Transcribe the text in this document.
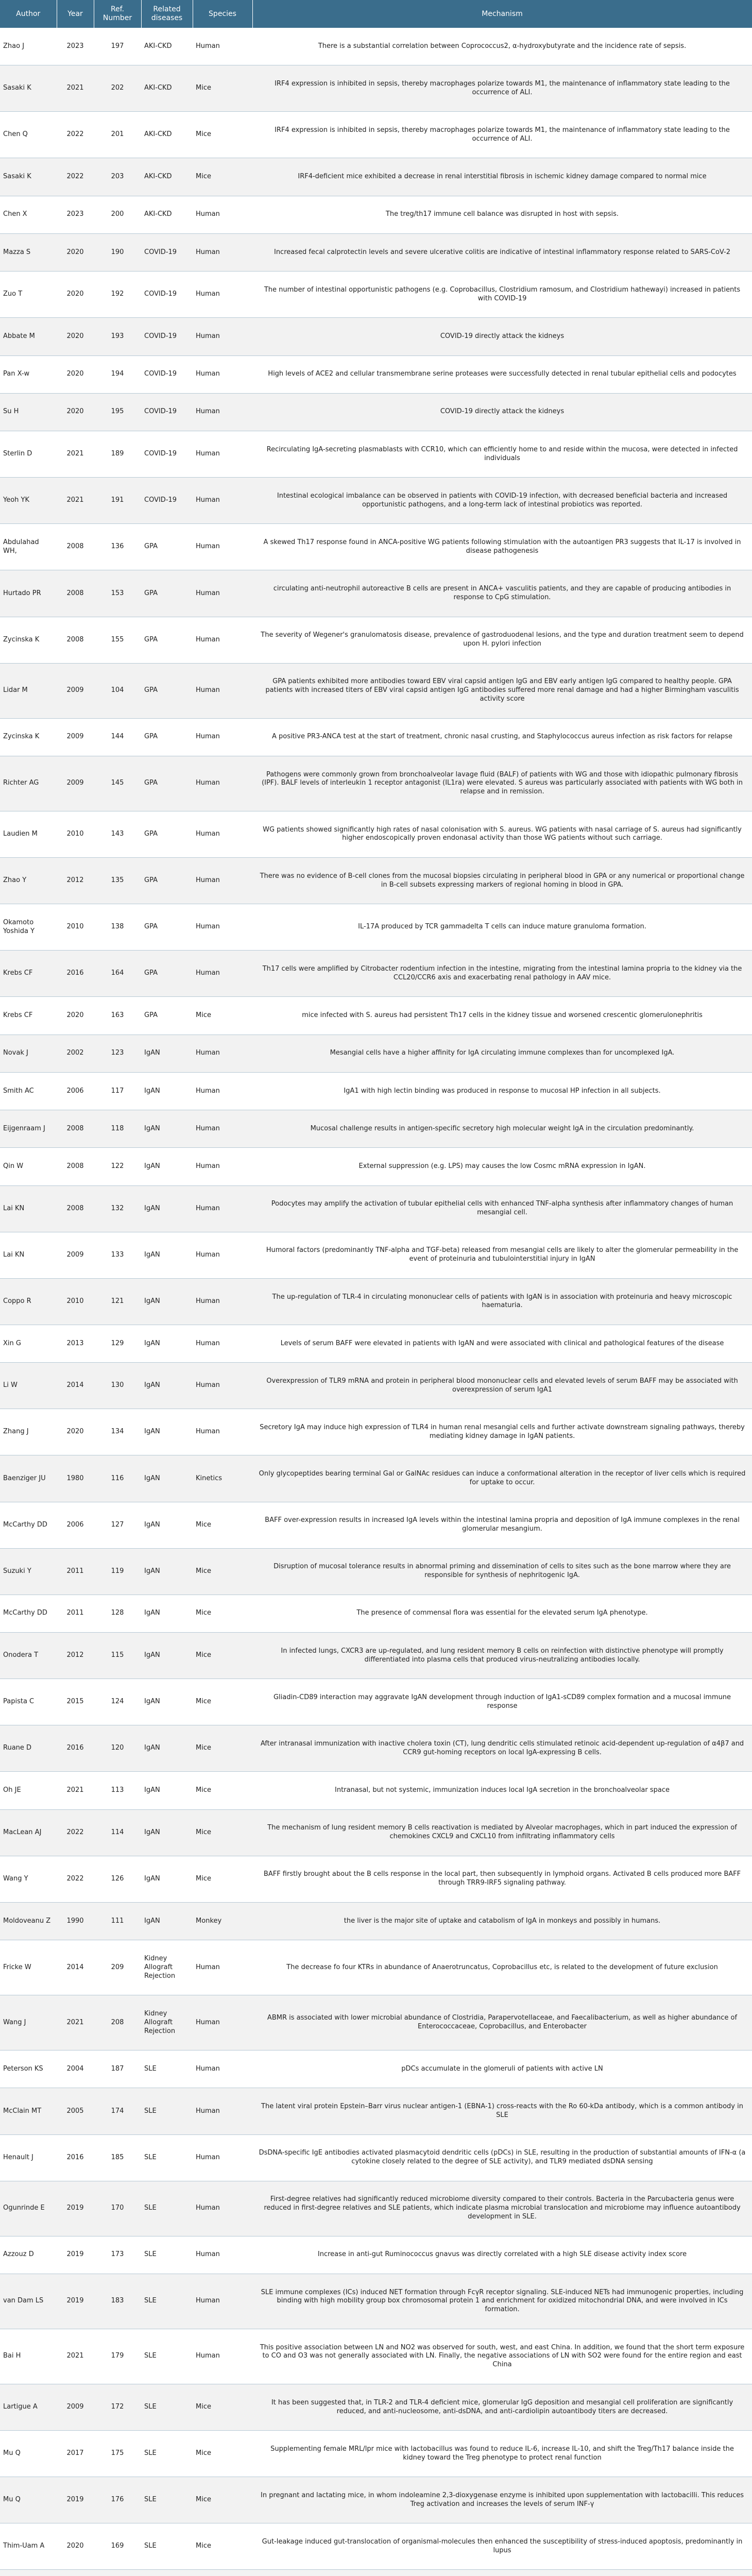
Author	Year	Ref. Number	Related diseases	Species	Mechanism
Zhao J	2023	197	AKI-CKD	Human	There is a substantial correlation between Coprococcus2, α-hydroxybutyrate and the incidence rate of sepsis.
Sasaki K	2021	202	AKI-CKD	Mice	IRF4 expression is inhibited in sepsis, thereby macrophages polarize towards M1, the maintenance of inflammatory state leading to the occurrence of ALI.
Chen Q	2022	201	AKI-CKD	Mice	IRF4 expression is inhibited in sepsis, thereby macrophages polarize towards M1, the maintenance of inflammatory state leading to the occurrence of ALI.
Sasaki K	2022	203	AKI-CKD	Mice	IRF4-deficient mice exhibited a decrease in renal interstitial fibrosis in ischemic kidney damage compared to normal mice
Chen X	2023	200	AKI-CKD	Human	The treg/th17 immune cell balance was disrupted in host with sepsis.
Mazza S	2020	190	COVID-19	Human	Increased fecal calprotectin levels and severe ulcerative colitis are indicative of intestinal inflammatory response related to SARS-CoV-2
Zuo T	2020	192	COVID-19	Human	The number of intestinal opportunistic pathogens (e.g. Coprobacillus, Clostridium ramosum, and Clostridium hathewayi) increased in patients with COVID-19
Abbate M	2020	193	COVID-19	Human	COVID-19 directly attack the kidneys
Pan X-w	2020	194	COVID-19	Human	High levels of ACE2 and cellular transmembrane serine proteases were successfully detected in renal tubular epithelial cells and podocytes
Su H	2020	195	COVID-19	Human	COVID-19 directly attack the kidneys
Sterlin D	2021	189	COVID-19	Human	Recirculating IgA-secreting plasmablasts with CCR10, which can efficiently home to and reside within the mucosa, were detected in infected individuals
Yeoh YK	2021	191	COVID-19	Human	Intestinal ecological imbalance can be observed in patients with COVID-19 infection, with decreased beneficial bacteria and increased opportunistic pathogens, and a long-term lack of intestinal probiotics was reported.
Abdulahad WH,	2008	136	GPA	Human	A skewed Th17 response found in ANCA-positive WG patients following stimulation with the autoantigen PR3 suggests that IL-17 is involved in disease pathogenesis
Hurtado PR	2008	153	GPA	Human	circulating anti-neutrophil autoreactive B cells are present in ANCA+ vasculitis patients, and they are capable of producing antibodies in response to CpG stimulation.
Zycinska K	2008	155	GPA	Human	The severity of Wegener's granulomatosis disease, prevalence of gastroduodenal lesions, and the type and duration treatment seem to depend upon H. pylori infection
Lidar M	2009	104	GPA	Human	GPA patients exhibited more antibodies toward EBV viral capsid antigen IgG and EBV early antigen IgG compared to healthy people. GPA patients with increased titers of EBV viral capsid antigen IgG antibodies suffered more renal damage and had a higher Birmingham vasculitis activity score
Zycinska K	2009	144	GPA	Human	A positive PR3-ANCA test at the start of treatment, chronic nasal crusting, and Staphylococcus aureus infection as risk factors for relapse
Richter AG	2009	145	GPA	Human	Pathogens were commonly grown from bronchoalveolar lavage fluid (BALF) of patients with WG and those with idiopathic pulmonary fibrosis (IPF). BALF levels of interleukin 1 receptor antagonist (IL1ra) were elevated. S aureus was particularly associated with patients with WG both in relapse and in remission.
Laudien M	2010	143	GPA	Human	WG patients showed significantly high rates of nasal colonisation with S. aureus. WG patients with nasal carriage of S. aureus had significantly higher endoscopically proven endonasal activity than those WG patients without such carriage.
Zhao Y	2012	135	GPA	Human	There was no evidence of B-cell clones from the mucosal biopsies circulating in peripheral blood in GPA or any numerical or proportional change in B-cell subsets expressing markers of regional homing in blood in GPA.
Okamoto Yoshida Y	2010	138	GPA	Human	IL-17A produced by TCR gammadelta T cells can induce mature granuloma formation.
Krebs CF	2016	164	GPA	Human	Th17 cells were amplified by Citrobacter rodentium infection in the intestine, migrating from the intestinal lamina propria to the kidney via the CCL20/CCR6 axis and exacerbating renal pathology in AAV mice.
Krebs CF	2020	163	GPA	Mice	mice infected with S. aureus had persistent Th17 cells in the kidney tissue and worsened crescentic glomerulonephritis
Novak J	2002	123	IgAN	Human	Mesangial cells have a higher affinity for IgA circulating immune complexes than for uncomplexed IgA.
Smith AC	2006	117	IgAN	Human	IgA1 with high lectin binding was produced in response to mucosal HP infection in all subjects.
Eijgenraam J	2008	118	IgAN	Human	Mucosal challenge results in antigen-specific secretory high molecular weight IgA in the circulation predominantly.
Qin W	2008	122	IgAN	Human	External suppression (e.g. LPS) may causes the low Cosmc mRNA expression in IgAN.
Lai KN	2008	132	IgAN	Human	Podocytes may amplify the activation of tubular epithelial cells with enhanced TNF-alpha synthesis after inflammatory changes of human mesangial cell.
Lai KN	2009	133	IgAN	Human	Humoral factors (predominantly TNF-alpha and TGF-beta) released from mesangial cells are likely to alter the glomerular permeability in the event of proteinuria and tubulointerstitial injury in IgAN
Coppo R	2010	121	IgAN	Human	The up-regulation of TLR-4 in circulating mononuclear cells of patients with IgAN is in association with proteinuria and heavy microscopic haematuria.
Xin G	2013	129	IgAN	Human	Levels of serum BAFF were elevated in patients with IgAN and were associated with clinical and pathological features of the disease
Li W	2014	130	IgAN	Human	Overexpression of TLR9 mRNA and protein in peripheral blood mononuclear cells and elevated levels of serum BAFF may be associated with overexpression of serum IgA1
Zhang J	2020	134	IgAN	Human	Secretory IgA may induce high expression of TLR4 in human renal mesangial cells and further activate downstream signaling pathways, thereby mediating kidney damage in IgAN patients.
Baenziger JU	1980	116	IgAN	Kinetics	Only glycopeptides bearing terminal Gal or GalNAc residues can induce a conformational alteration in the receptor of liver cells which is required for uptake to occur.
McCarthy DD	2006	127	IgAN	Mice	BAFF over-expression results in increased IgA levels within the intestinal lamina propria and deposition of IgA immune complexes in the renal glomerular mesangium.
Suzuki Y	2011	119	IgAN	Mice	Disruption of mucosal tolerance results in abnormal priming and dissemination of cells to sites such as the bone marrow where they are responsible for synthesis of nephritogenic IgA.
McCarthy DD	2011	128	IgAN	Mice	The presence of commensal flora was essential for the elevated serum IgA phenotype.
Onodera T	2012	115	IgAN	Mice	In infected lungs, CXCR3 are up-regulated, and lung resident memory B cells on reinfection with distinctive phenotype will promptly differentiated into plasma cells that produced virus-neutralizing antibodies locally.
Papista C	2015	124	IgAN	Mice	Gliadin-CD89 interaction may aggravate IgAN development through induction of IgA1-sCD89 complex formation and a mucosal immune response
Ruane D	2016	120	IgAN	Mice	After intranasal immunization with inactive cholera toxin (CT), lung dendritic cells stimulated retinoic acid-dependent up-regulation of α4β7 and CCR9 gut-homing receptors on local IgA-expressing B cells.
Oh JE	2021	113	IgAN	Mice	Intranasal, but not systemic, immunization induces local IgA secretion in the bronchoalveolar space
MacLean AJ	2022	114	IgAN	Mice	The mechanism of lung resident memory B cells reactivation is mediated by Alveolar macrophages, which in part induced the expression of chemokines CXCL9 and CXCL10 from infiltrating inflammatory cells
Wang Y	2022	126	IgAN	Mice	BAFF firstly brought about the B cells response in the local part, then subsequently in lymphoid organs. Activated B cells produced more BAFF through TRR9-IRF5 signaling pathway.
Moldoveanu Z	1990	111	IgAN	Monkey	the liver is the major site of uptake and catabolism of IgA in monkeys and possibly in humans.
Fricke W	2014	209	Kidney Allograft Rejection	Human	The decrease fo four KTRs in abundance of Anaerotruncatus, Coprobacillus etc, is related to the development of future exclusion
Wang J	2021	208	Kidney Allograft Rejection	Human	ABMR is associated with lower microbial abundance of Clostridia, Parapervotellaceae, and Faecalibacterium, as well as higher abundance of Enterococcaceae, Coprobacillus, and Enterobacter
Peterson KS	2004	187	SLE	Human	pDCs accumulate in the glomeruli of patients with active LN
McClain MT	2005	174	SLE	Human	The latent viral protein Epstein–Barr virus nuclear antigen-1 (EBNA-1) cross-reacts with the Ro 60-kDa antibody, which is a common antibody in SLE
Henault J	2016	185	SLE	Human	DsDNA-specific IgE antibodies activated plasmacytoid dendritic cells (pDCs) in SLE, resulting in the production of substantial amounts of IFN-α (a cytokine closely related to the degree of SLE activity), and TLR9 mediated dsDNA sensing
Ogunrinde E	2019	170	SLE	Human	First-degree relatives had significantly reduced microbiome diversity compared to their controls. Bacteria in the Parcubacteria genus were reduced in first-degree relatives and SLE patients, which indicate plasma microbial translocation and microbiome may influence autoantibody development in SLE.
Azzouz D	2019	173	SLE	Human	Increase in anti-gut Ruminococcus gnavus was directly correlated with a high SLE disease activity index score
van Dam LS	2019	183	SLE	Human	SLE immune complexes (ICs) induced NET formation through FcγR receptor signaling. SLE-induced NETs had immunogenic properties, including binding with high mobility group box chromosomal protein 1 and enrichment for oxidized mitochondrial DNA, and were involved in ICs formation.
Bai H	2021	179	SLE	Human	This positive association between LN and NO2 was observed for south, west, and east China. In addition, we found that the short term exposure to CO and O3 was not generally associated with LN. Finally, the negative associations of LN with SO2 were found for the entire region and east China
Lartigue A	2009	172	SLE	Mice	It has been suggested that, in TLR-2 and TLR-4 deficient mice, glomerular IgG deposition and mesangial cell proliferation are significantly reduced, and anti-nucleosome, anti-dsDNA, and anti-cardiolipin autoantibody titers are decreased.
Mu Q	2017	175	SLE	Mice	Supplementing female MRL/lpr mice with lactobacillus was found to reduce IL-6, increase IL-10, and shift the Treg/Th17 balance inside the kidney toward the Treg phenotype to protect renal function
Mu Q	2019	176	SLE	Mice	In pregnant and lactating mice, in whom indoleamine 2,3-dioxygenase enzyme is inhibited upon supplementation with lactobacilli. This reduces Treg activation and increases the levels of serum INF-γ
Thim-Uam A	2020	169	SLE	Mice	Gut-leakage induced gut-translocation of organismal-molecules then enhanced the susceptibility of stress-induced apoptosis, predominantly in lupus
